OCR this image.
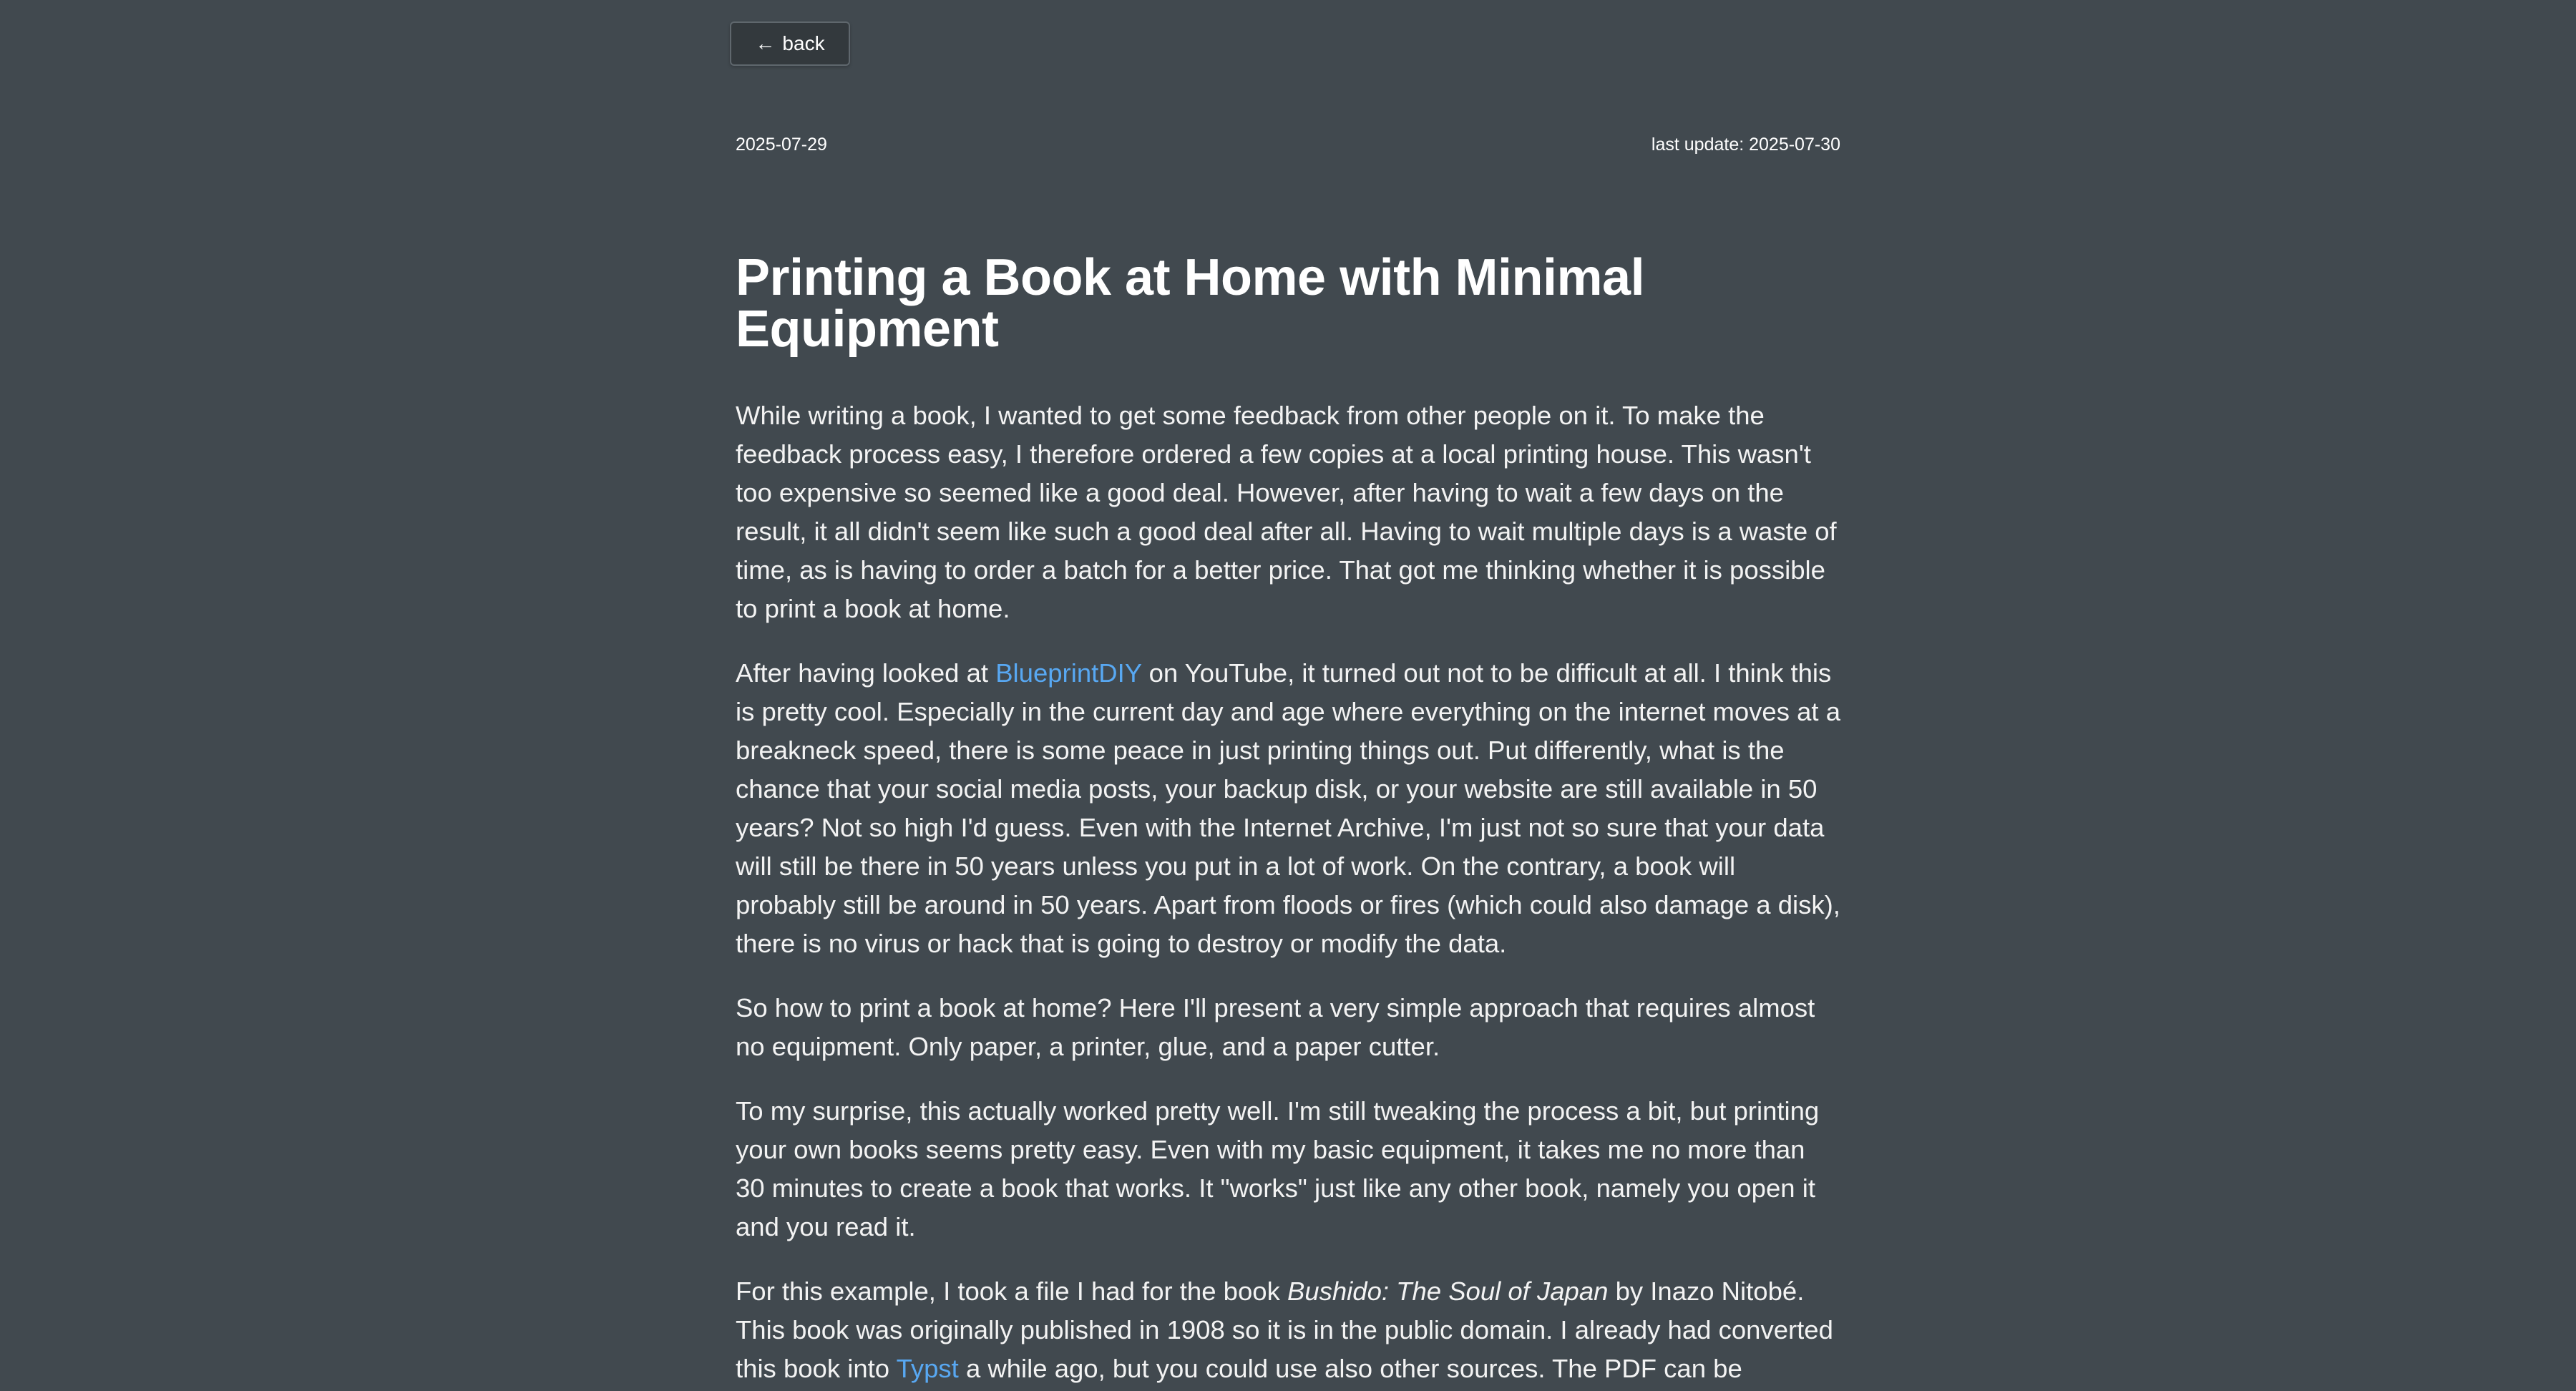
← back
2025-07-29	last update: 2025-07-30
Printing a Book at Home with Minimal Equipment

While writing a book, I wanted to get some feedback from other people on it. To make the feedback process easy, I therefore ordered a few copies at a local printing house. This wasn't too expensive so seemed like a good deal. However, after having to wait a few days on the result, it all didn't seem like such a good deal after all. Having to wait multiple days is a waste of time, as is having to order a batch for a better price. That got me thinking whether it is possible to print a book at home.

After having looked at BlueprintDIY on YouTube, it turned out not to be difficult at all. I think this is pretty cool. Especially in the current day and age where everything on the internet moves at a breakneck speed, there is some peace in just printing things out. Put differently, what is the chance that your social media posts, your backup disk, or your website are still available in 50 years? Not so high I'd guess. Even with the Internet Archive, I'm just not so sure that your data will still be there in 50 years unless you put in a lot of work. On the contrary, a book will probably still be around in 50 years. Apart from floods or fires (which could also damage a disk), there is no virus or hack that is going to destroy or modify the data.

So how to print a book at home? Here I'll present a very simple approach that requires almost no equipment. Only paper, a printer, glue, and a paper cutter.

To my surprise, this actually worked pretty well. I'm still tweaking the process a bit, but printing your own books seems pretty easy. Even with my basic equipment, it takes me no more than 30 minutes to create a book that works. It "works" just like any other book, namely you open it and you read it.

For this example, I took a file I had for the book Bushido: The Soul of Japan by Inazo Nitobé. This book was originally published in 1908 so it is in the public domain. I already had converted this book into Typst a while ago, but you could use also other sources. The PDF can be
